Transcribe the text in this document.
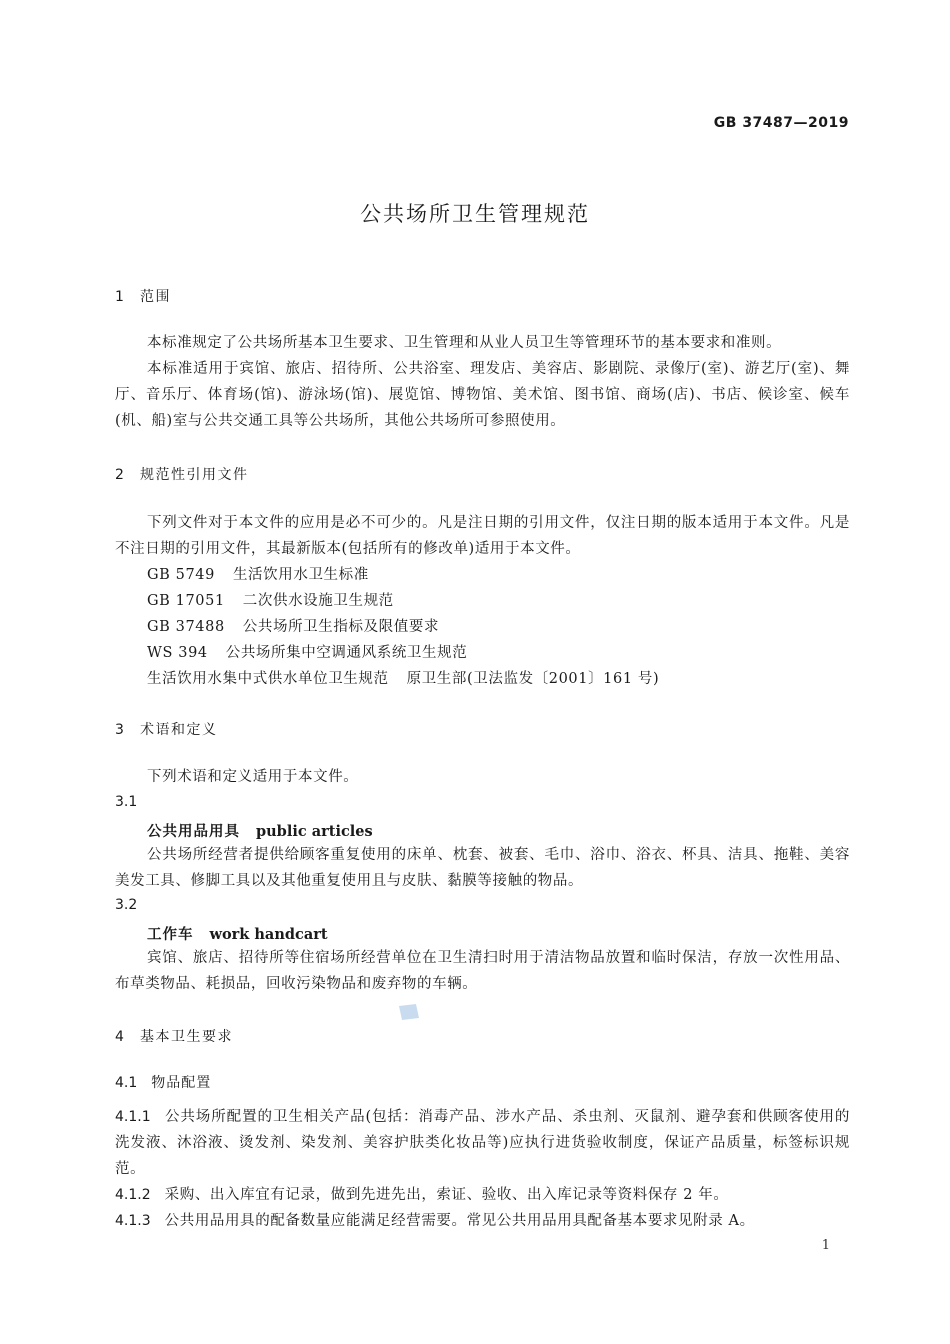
GB 37487—2019
公共场所卫生管理规范
1 范围
本标准规定了公共场所基本卫生要求、卫生管理和从业人员卫生等管理环节的基本要求和准则。
本标准适用于宾馆、旅店、招待所、公共浴室、理发店、美容店、影剧院、录像厅(室)、游艺厅(室)、舞厅、音乐厅、体育场(馆)、游泳场(馆)、展览馆、博物馆、美术馆、图书馆、商场(店)、书店、候诊室、候车(机、船)室与公共交通工具等公共场所，其他公共场所可参照使用。
2 规范性引用文件
下列文件对于本文件的应用是必不可少的。凡是注日期的引用文件，仅注日期的版本适用于本文件。凡是不注日期的引用文件，其最新版本(包括所有的修改单)适用于本文件。
GB 5749 生活饮用水卫生标准
GB 17051 二次供水设施卫生规范
GB 37488 公共场所卫生指标及限值要求
WS 394 公共场所集中空调通风系统卫生规范
生活饮用水集中式供水单位卫生规范 原卫生部(卫法监发〔2001〕161 号)
3 术语和定义
下列术语和定义适用于本文件。
3.1
公共用品用具 public articles
公共场所经营者提供给顾客重复使用的床单、枕套、被套、毛巾、浴巾、浴衣、杯具、洁具、拖鞋、美容美发工具、修脚工具以及其他重复使用且与皮肤、黏膜等接触的物品。
3.2
工作车 work handcart
宾馆、旅店、招待所等住宿场所经营单位在卫生清扫时用于清洁物品放置和临时保洁，存放一次性用品、布草类物品、耗损品，回收污染物品和废弃物的车辆。
4 基本卫生要求
4.1 物品配置
4.1.1 公共场所配置的卫生相关产品(包括：消毒产品、涉水产品、杀虫剂、灭鼠剂、避孕套和供顾客使用的洗发液、沐浴液、烫发剂、染发剂、美容护肤类化妆品等)应执行进货验收制度，保证产品质量，标签标识规范。
4.1.2 采购、出入库宜有记录，做到先进先出，索证、验收、出入库记录等资料保存 2 年。
4.1.3 公共用品用具的配备数量应能满足经营需要。常见公共用品用具配备基本要求见附录 A。
1
